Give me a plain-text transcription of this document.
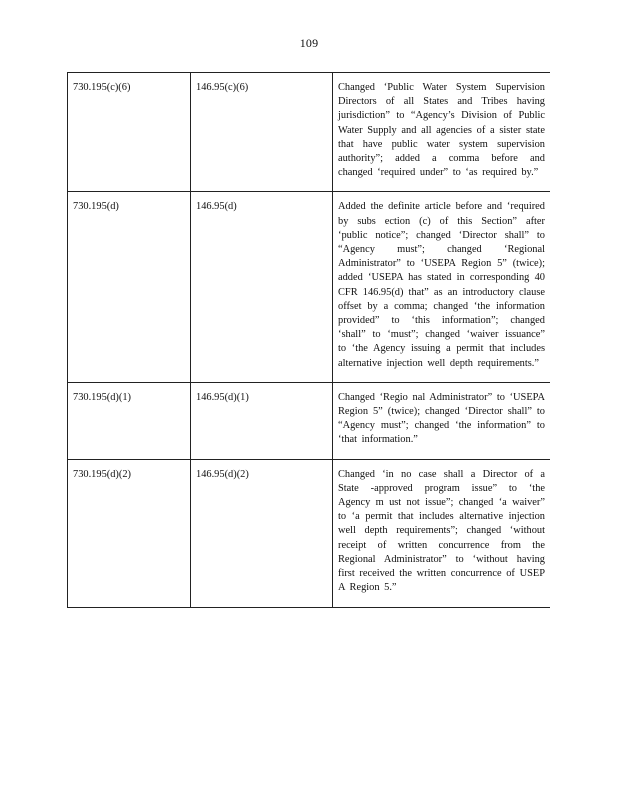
109
730.195(c)(6)	146.95(c)(6)	Changed ‘Public Water System Supervision Directors of all States and Tribes having jurisdiction” to “Agency’s Division of Public Water Supply and all agencies of a sister state that have public water system supervision authority”; added a comma before and changed ‘required under” to ‘as required by.”
730.195(d)	146.95(d)	Added the definite article before and ‘required by subs ection (c) of this Section” after ‘public notice”; changed ‘Director shall” to “Agency must”; changed ‘Regional Administrator” to ‘USEPA Region 5” (twice); added ‘USEPA has stated in corresponding 40 CFR 146.95(d) that” as an introductory clause offset by a comma; changed ‘the information provided” to ‘this information”; changed ‘shall” to ‘must”; changed ‘waiver issuance” to ‘the Agency issuing a permit that includes alternative injection well depth requirements.”
730.195(d)(1)	146.95(d)(1)	Changed ‘Regio nal Administrator” to ‘USEPA Region 5” (twice); changed ‘Director shall” to “Agency must”; changed ‘the information” to ‘that information.”
730.195(d)(2)	146.95(d)(2)	Changed ‘in no case shall a Director of a State -approved program issue” to ‘the Agency m ust not issue”; changed ‘a waiver” to ‘a permit that includes alternative injection well depth requirements”; changed ‘without receipt of written concurrence from the Regional Administrator” to ‘without having first received the written concurrence of USEP A Region 5.”
